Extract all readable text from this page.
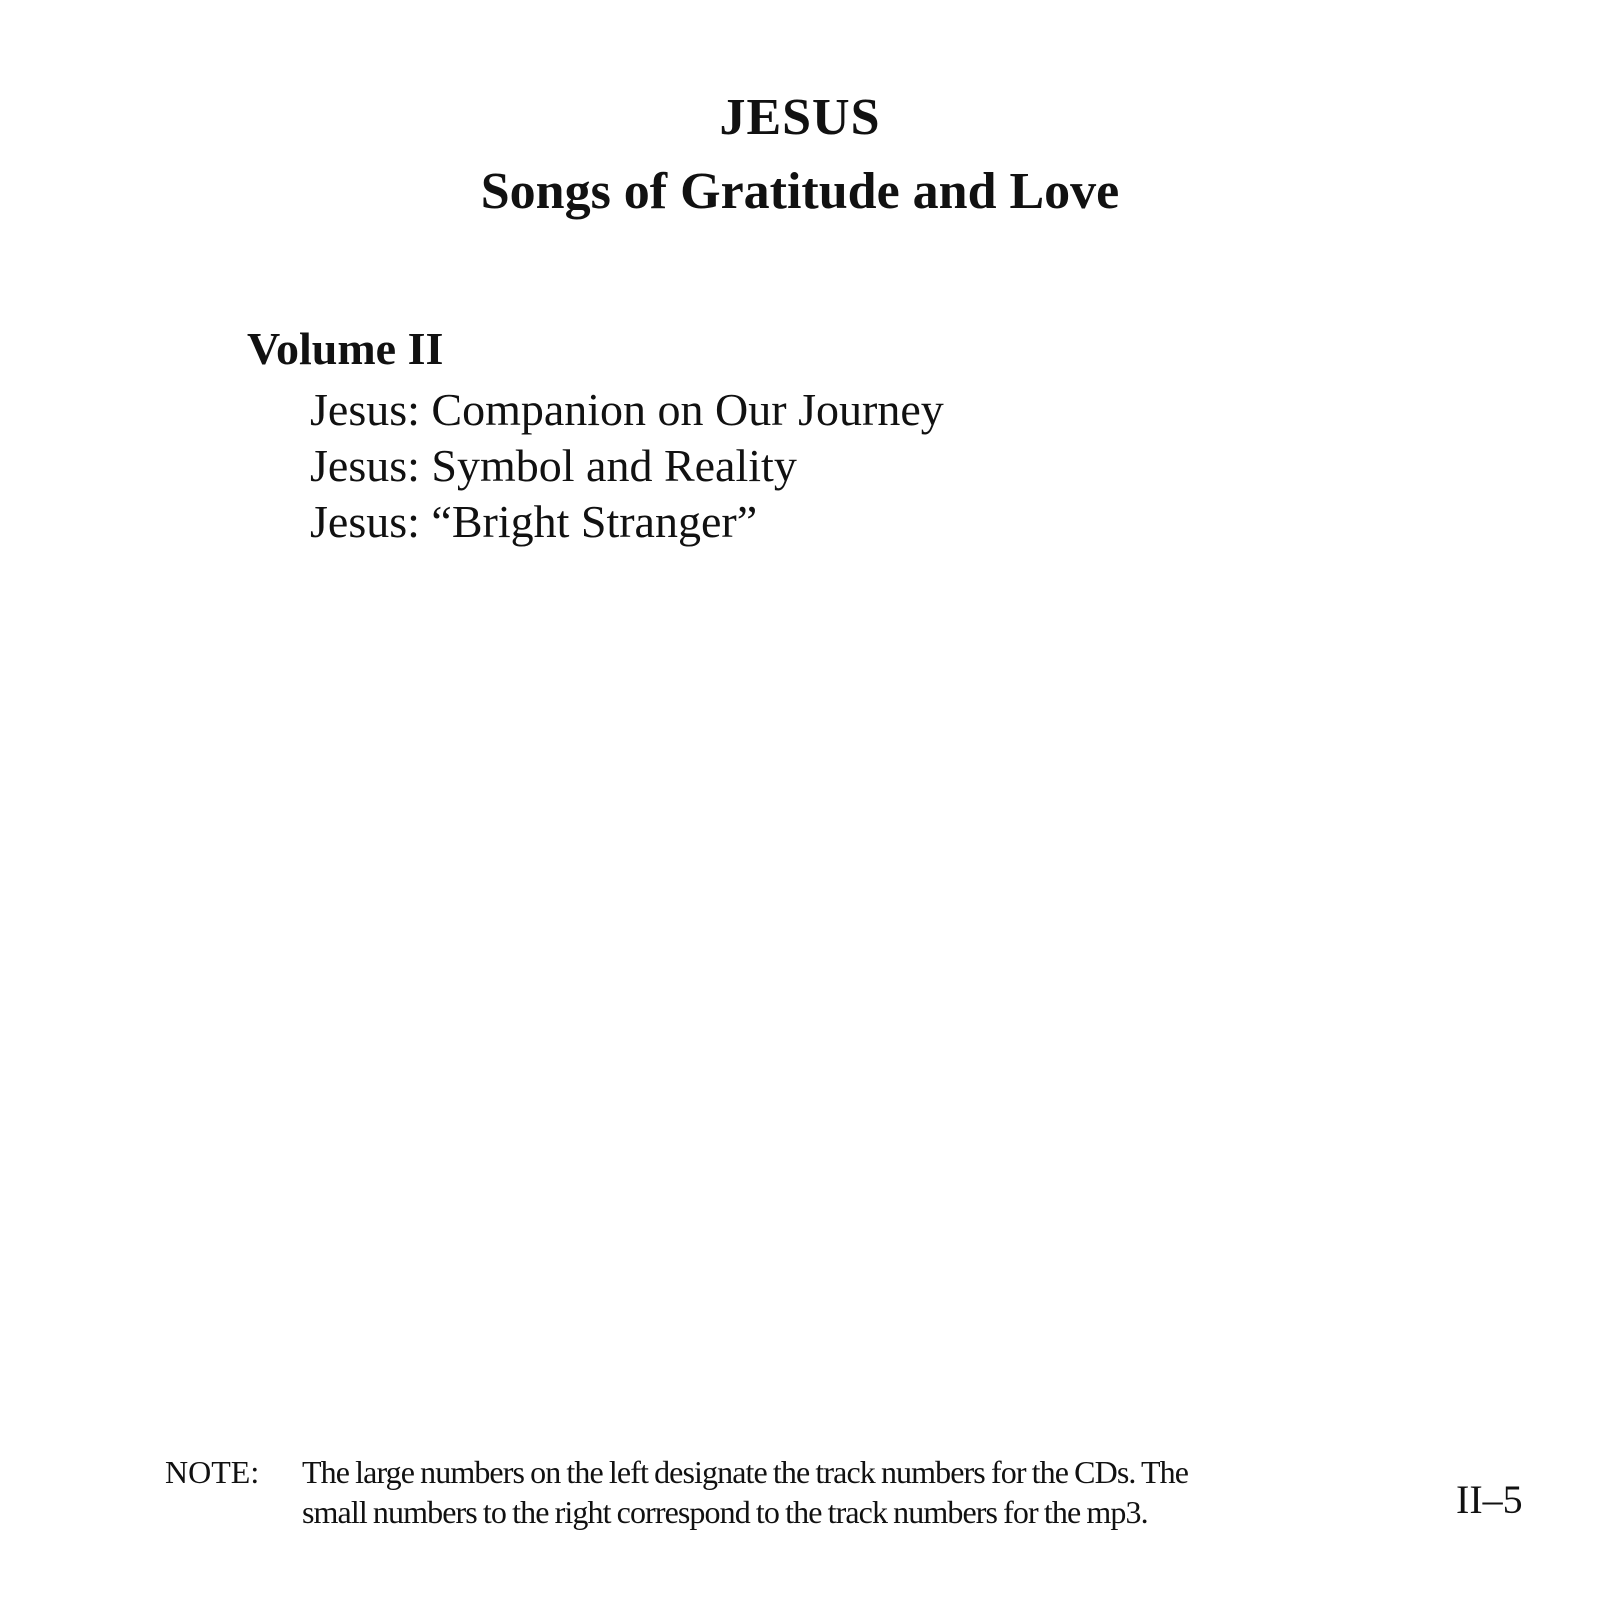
JESUS
Songs of Gratitude and Love
Volume II
Jesus: Companion on Our Journey
Jesus: Symbol and Reality
Jesus: “Bright Stranger”
NOTE: The large numbers on the left designate the track numbers for the CDs. The
small numbers to the right correspond to the track numbers for the mp3.	II–5
